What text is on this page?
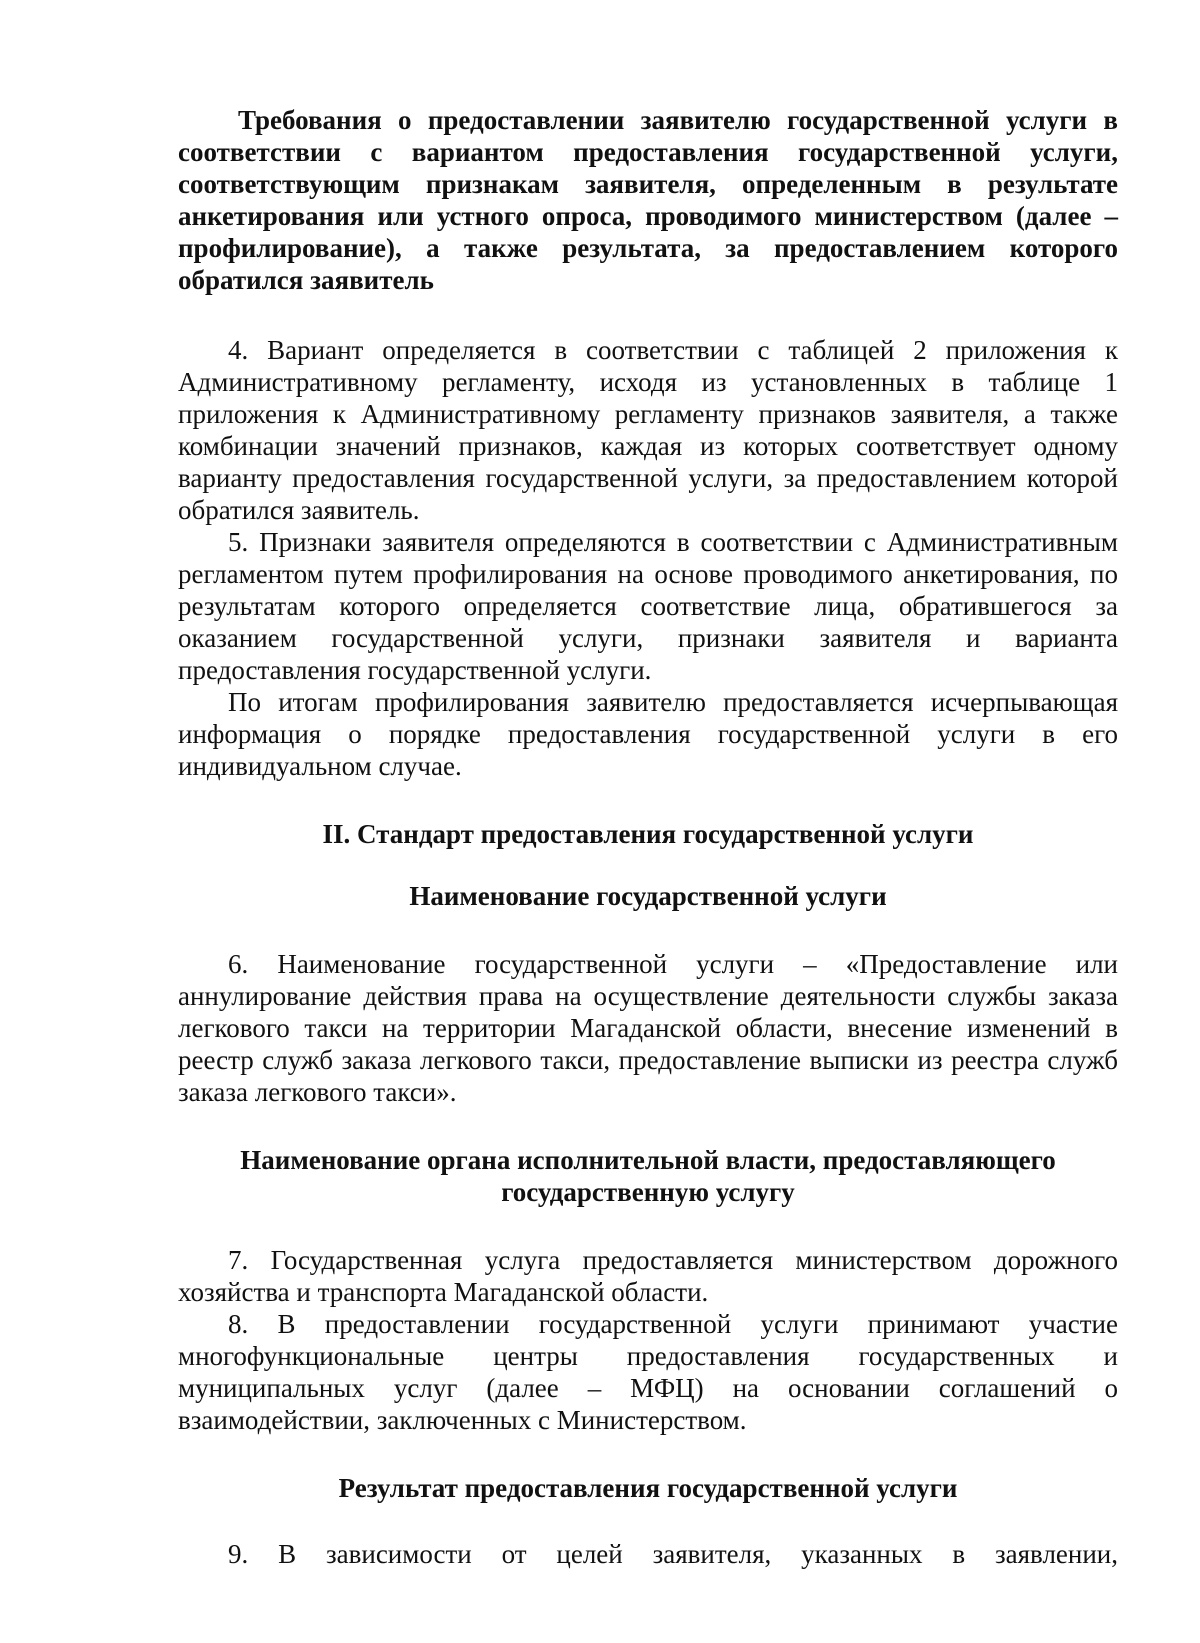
Требования о предоставлении заявителю государственной услуги в соответствии с вариантом предоставления государственной услуги, соответствующим признакам заявителя, определенным в результате анкетирования или устного опроса, проводимого министерством (далее – профилирование), а также результата, за предоставлением которого обратился заявитель

4. Вариант определяется в соответствии с таблицей 2 приложения к Административному регламенту, исходя из установленных в таблице 1 приложения к Административному регламенту признаков заявителя, а также комбинации значений признаков, каждая из которых соответствует одному варианту предоставления государственной услуги, за предоставлением которой обратился заявитель.

5. Признаки заявителя определяются в соответствии с Административным регламентом путем профилирования на основе проводимого анкетирования, по результатам которого определяется соответствие лица, обратившегося за оказанием государственной услуги, признаки заявителя и варианта предоставления государственной услуги.

По итогам профилирования заявителю предоставляется исчерпывающая информация о порядке предоставления государственной услуги в его индивидуальном случае.

II. Стандарт предоставления государственной услуги

Наименование государственной услуги

6. Наименование государственной услуги – «Предоставление или аннулирование действия права на осуществление деятельности службы заказа легкового такси на территории Магаданской области, внесение изменений в реестр служб заказа легкового такси, предоставление выписки из реестра служб заказа легкового такси».

Наименование органа исполнительной власти, предоставляющего
государственную услугу

7. Государственная услуга предоставляется министерством дорожного хозяйства и транспорта Магаданской области.

8. В предоставлении государственной услуги принимают участие многофункциональные центры предоставления государственных и муниципальных услуг (далее – МФЦ) на основании соглашений о взаимодействии, заключенных с Министерством.

Результат предоставления государственной услуги

9. В зависимости от целей заявителя, указанных в заявлении,
